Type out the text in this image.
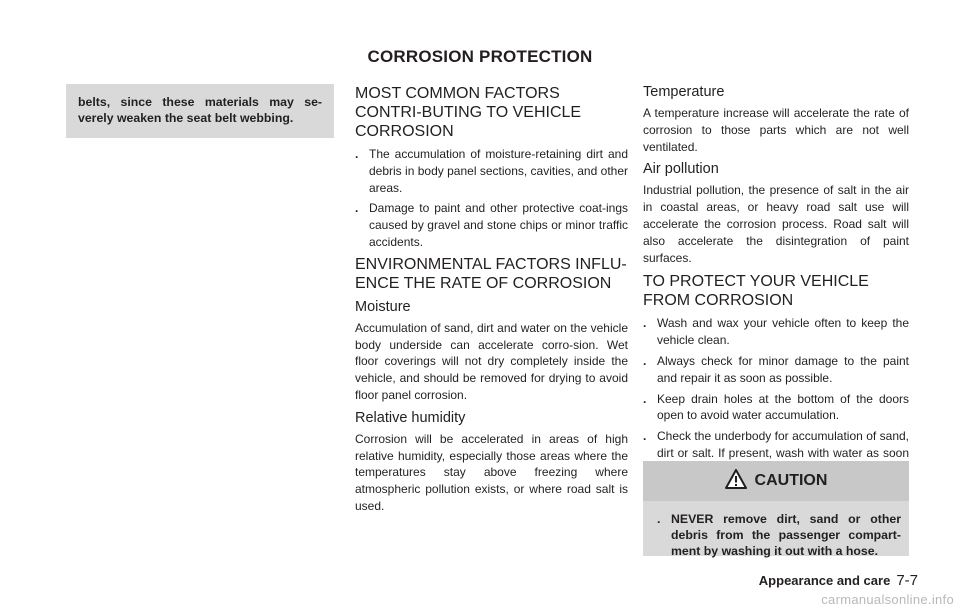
CORROSION PROTECTION
belts, since these materials may se-verely weaken the seat belt webbing.
MOST COMMON FACTORS CONTRI-BUTING TO VEHICLE CORROSION
. The accumulation of moisture-retaining dirt and debris in body panel sections, cavities, and other areas.
. Damage to paint and other protective coat-ings caused by gravel and stone chips or minor traffic accidents.
ENVIRONMENTAL FACTORS INFLU-ENCE THE RATE OF CORROSION
Moisture

Accumulation of sand, dirt and water on the vehicle body underside can accelerate corro-sion. Wet floor coverings will not dry completely inside the vehicle, and should be removed for drying to avoid floor panel corrosion.

Relative humidity

Corrosion will be accelerated in areas of high relative humidity, especially those areas where the temperatures stay above freezing where atmospheric pollution exists, or where road salt is used.

Temperature

A temperature increase will accelerate the rate of corrosion to those parts which are not well ventilated.

Air pollution

Industrial pollution, the presence of salt in the air in coastal areas, or heavy road salt use will accelerate the corrosion process. Road salt will also accelerate the disintegration of paint surfaces.

TO PROTECT YOUR VEHICLE FROM CORROSION
. Wash and wax your vehicle often to keep the vehicle clean.
. Always check for minor damage to the paint and repair it as soon as possible.
. Keep drain holes at the bottom of the doors open to avoid water accumulation.
. Check the underbody for accumulation of sand, dirt or salt. If present, wash with water as soon
CAUTION
. NEVER remove dirt, sand or other debris from the passenger compart-ment by washing it out with a hose.
Appearance and care 7-7
carmanualsonline.info
